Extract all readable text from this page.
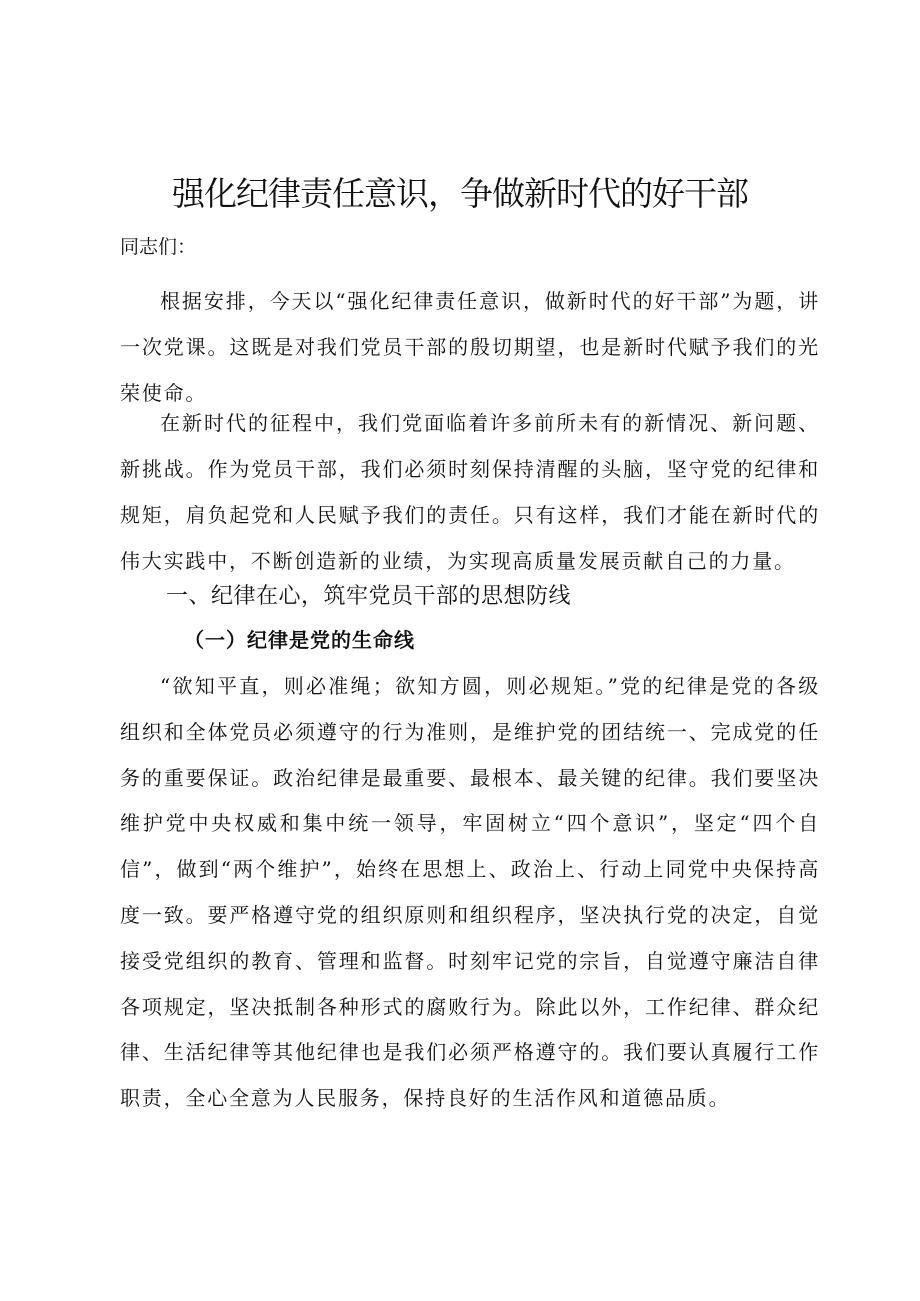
强化纪律责任意识，争做新时代的好干部
同志们：

根据安排，今天以“强化纪律责任意识，做新时代的好干部”为题，讲一次党课。这既是对我们党员干部的殷切期望，也是新时代赋予我们的光荣使命。

在新时代的征程中，我们党面临着许多前所未有的新情况、新问题、新挑战。作为党员干部，我们必须时刻保持清醒的头脑，坚守党的纪律和规矩，肩负起党和人民赋予我们的责任。只有这样，我们才能在新时代的伟大实践中，不断创造新的业绩，为实现高质量发展贡献自己的力量。

一、纪律在心，筑牢党员干部的思想防线
（一）纪律是党的生命线

“欲知平直，则必准绳；欲知方圆，则必规矩。”党的纪律是党的各级组织和全体党员必须遵守的行为准则，是维护党的团结统一、完成党的任务的重要保证。政治纪律是最重要、最根本、最关键的纪律。我们要坚决维护党中央权威和集中统一领导，牢固树立“四个意识”，坚定“四个自信”，做到“两个维护”，始终在思想上、政治上、行动上同党中央保持高度一致。要严格遵守党的组织原则和组织程序，坚决执行党的决定，自觉接受党组织的教育、管理和监督。时刻牢记党的宗旨，自觉遵守廉洁自律各项规定，坚决抵制各种形式的腐败行为。除此以外，工作纪律、群众纪律、生活纪律等其他纪律也是我们必须严格遵守的。我们要认真履行工作职责，全心全意为人民服务，保持良好的生活作风和道德品质。
